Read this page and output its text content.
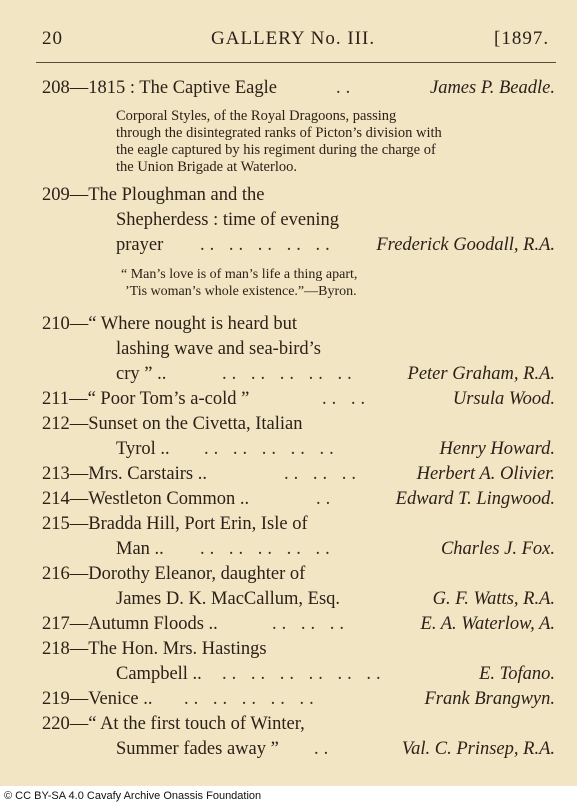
20	GALLERY No. III.	[1897.
208—1815 : The Captive Eagle	..	James P. Beadle.
Corporal Styles, of the Royal Dragoons, passing
through the disintegrated ranks of Picton’s division with
the eagle captured by his regiment during the charge of
the Union Brigade at Waterloo.
209—The Ploughman and the
Shepherdess : time of evening
prayer .. .. .. .. .. Frederick Goodall, R.A.
“ Man’s love is of man’s life a thing apart,
’Tis woman’s whole existence.”—Byron.
210—“ Where nought is heard but
lashing wave and sea-bird’s
cry ” ..	.. .. .. .. ..	Peter Graham, R.A.
211—“ Poor Tom’s a-cold ”	.. ..	Ursula Wood.
212—Sunset on the Civetta, Italian
Tyrol .. .. .. .. .. ..	Henry Howard.
213—Mrs. Carstairs ..	.. .. ..	Herbert A. Olivier.
214—Westleton Common ..	..	Edward T. Lingwood.
215—Bradda Hill, Port Erin, Isle of
Man .. .. .. .. .. ..	Charles J. Fox.
216—Dorothy Eleanor, daughter of
James D. K. MacCallum, Esq.	G. F. Watts, R.A.
217—Autumn Floods ..	.. .. ..	E. A. Waterlow, A.
218—The Hon. Mrs. Hastings
Campbell .. .. .. .. .. .. ..	E. Tofano.
219—Venice .. .. .. .. .. ..	Frank Brangwyn.
220—“ At the first touch of Winter,
Summer fades away ” ..	Val. C. Prinsep, R.A.
© CC BY-SA 4.0 Cavafy Archive Onassis Foundation
